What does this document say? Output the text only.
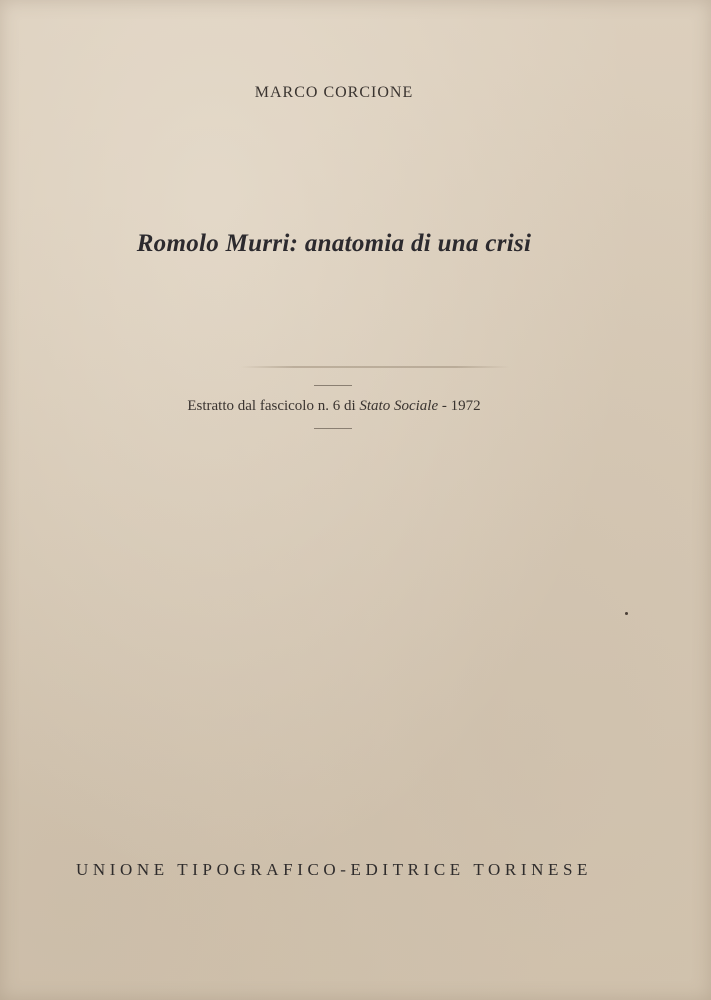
MARCO CORCIONE
Romolo Murri: anatomia di una crisi
Estratto dal fascicolo n. 6 di Stato Sociale - 1972
UNIONE TIPOGRAFICO-EDITRICE TORINESE
